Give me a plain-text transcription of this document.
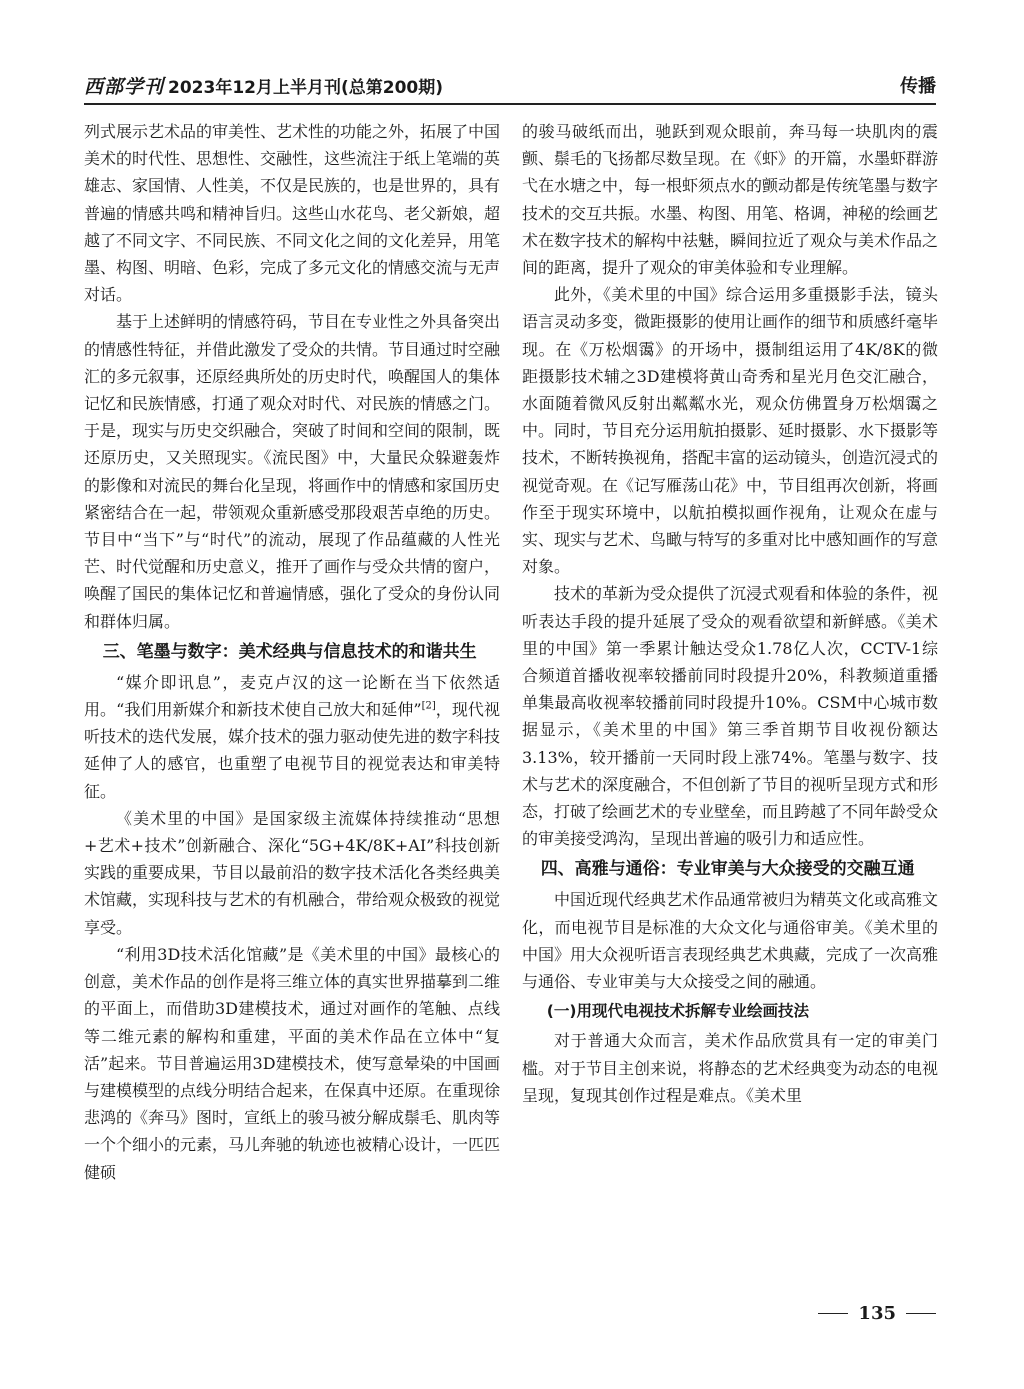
西部学刊 2023年12月上半月刊(总第200期)	传播

列式展示艺术品的审美性、艺术性的功能之外，拓展了中国美术的时代性、思想性、交融性，这些流注于纸上笔端的英雄志、家国情、人性美，不仅是民族的，也是世界的，具有普遍的情感共鸣和精神旨归。这些山水花鸟、老父新娘，超越了不同文字、不同民族、不同文化之间的文化差异，用笔墨、构图、明暗、色彩，完成了多元文化的情感交流与无声对话。

基于上述鲜明的情感符码，节目在专业性之外具备突出的情感性特征，并借此激发了受众的共情。节目通过时空融汇的多元叙事，还原经典所处的历史时代，唤醒国人的集体记忆和民族情感，打通了观众对时代、对民族的情感之门。于是，现实与历史交织融合，突破了时间和空间的限制，既还原历史，又关照现实。《流民图》中，大量民众躲避轰炸的影像和对流民的舞台化呈现，将画作中的情感和家国历史紧密结合在一起，带领观众重新感受那段艰苦卓绝的历史。节目中“当下”与“时代”的流动，展现了作品蕴藏的人性光芒、时代觉醒和历史意义，推开了画作与受众共情的窗户，唤醒了国民的集体记忆和普遍情感，强化了受众的身份认同和群体归属。

三、笔墨与数字：美术经典与信息技术的和谐共生

“媒介即讯息”，麦克卢汉的这一论断在当下依然适用。“我们用新媒介和新技术使自己放大和延伸”[2]，现代视听技术的迭代发展，媒介技术的强力驱动使先进的数字科技延伸了人的感官，也重塑了电视节目的视觉表达和审美特征。

《美术里的中国》是国家级主流媒体持续推动“思想+艺术+技术”创新融合、深化“5G+4K/8K+AI”科技创新实践的重要成果，节目以最前沿的数字技术活化各类经典美术馆藏，实现科技与艺术的有机融合，带给观众极致的视觉享受。

“利用3D技术活化馆藏”是《美术里的中国》最核心的创意，美术作品的创作是将三维立体的真实世界描摹到二维的平面上，而借助3D建模技术，通过对画作的笔触、点线等二维元素的解构和重建，平面的美术作品在立体中“复活”起来。节目普遍运用3D建模技术，使写意晕染的中国画与建模模型的点线分明结合起来，在保真中还原。在重现徐悲鸿的《奔马》图时，宣纸上的骏马被分解成鬃毛、肌肉等一个个细小的元素，马儿奔驰的轨迹也被精心设计，一匹匹健硕

的骏马破纸而出，驰跃到观众眼前，奔马每一块肌肉的震颤、鬃毛的飞扬都尽数呈现。在《虾》的开篇，水墨虾群游弋在水塘之中，每一根虾须点水的颤动都是传统笔墨与数字技术的交互共振。水墨、构图、用笔、格调，神秘的绘画艺术在数字技术的解构中祛魅，瞬间拉近了观众与美术作品之间的距离，提升了观众的审美体验和专业理解。

此外，《美术里的中国》综合运用多重摄影手法，镜头语言灵动多变，微距摄影的使用让画作的细节和质感纤毫毕现。在《万松烟霭》的开场中，摄制组运用了4K/8K的微距摄影技术辅之3D建模将黄山奇秀和星光月色交汇融合，水面随着微风反射出粼粼水光，观众仿佛置身万松烟霭之中。同时，节目充分运用航拍摄影、延时摄影、水下摄影等技术，不断转换视角，搭配丰富的运动镜头，创造沉浸式的视觉奇观。在《记写雁荡山花》中，节目组再次创新，将画作至于现实环境中，以航拍模拟画作视角，让观众在虚与实、现实与艺术、鸟瞰与特写的多重对比中感知画作的写意对象。

技术的革新为受众提供了沉浸式观看和体验的条件，视听表达手段的提升延展了受众的观看欲望和新鲜感。《美术里的中国》第一季累计触达受众1.78亿人次，CCTV-1综合频道首播收视率较播前同时段提升20%，科教频道重播单集最高收视率较播前同时段提升10%。CSM中心城市数据显示，《美术里的中国》第三季首期节目收视份额达3.13%，较开播前一天同时段上涨74%。笔墨与数字、技术与艺术的深度融合，不但创新了节目的视听呈现方式和形态，打破了绘画艺术的专业壁垒，而且跨越了不同年龄受众的审美接受鸿沟，呈现出普遍的吸引力和适应性。

四、高雅与通俗：专业审美与大众接受的交融互通

中国近现代经典艺术作品通常被归为精英文化或高雅文化，而电视节目是标准的大众文化与通俗审美。《美术里的中国》用大众视听语言表现经典艺术典藏，完成了一次高雅与通俗、专业审美与大众接受之间的融通。

(一)用现代电视技术拆解专业绘画技法

对于普通大众而言，美术作品欣赏具有一定的审美门槛。对于节目主创来说，将静态的艺术经典变为动态的电视呈现，复现其创作过程是难点。《美术里

135
